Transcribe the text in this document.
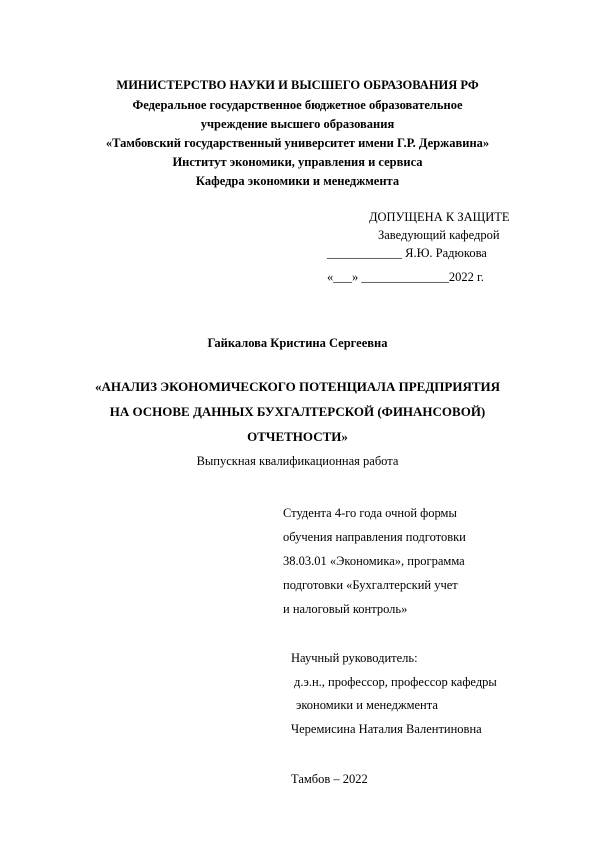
МИНИСТЕРСТВО НАУКИ И ВЫСШЕГО ОБРАЗОВАНИЯ РФ
Федеральное государственное бюджетное образовательное
учреждение высшего образования
«Тамбовский государственный университет имени Г.Р. Державина»
Институт экономики, управления и сервиса
Кафедра экономики и менеджмента
ДОПУЩЕНА К ЗАЩИТЕ
Заведующий кафедрой
____________ Я.Ю. Радюкова
«___» ______________2022 г.
Гайкалова Кристина Сергеевна
«АНАЛИЗ ЭКОНОМИЧЕСКОГО ПОТЕНЦИАЛА ПРЕДПРИЯТИЯ
НА ОСНОВЕ ДАННЫХ БУХГАЛТЕРСКОЙ (ФИНАНСОВОЙ)
ОТЧЕТНОСТИ»
Выпускная квалификационная работа
Студента 4-го года очной формы
обучения направления подготовки
38.03.01 «Экономика», программа
подготовки «Бухгалтерский учет
и налоговый контроль»
Научный руководитель:
д.э.н., профессор, профессор кафедры
экономики и менеджмента
Черемисина Наталия Валентиновна
Тамбов – 2022
